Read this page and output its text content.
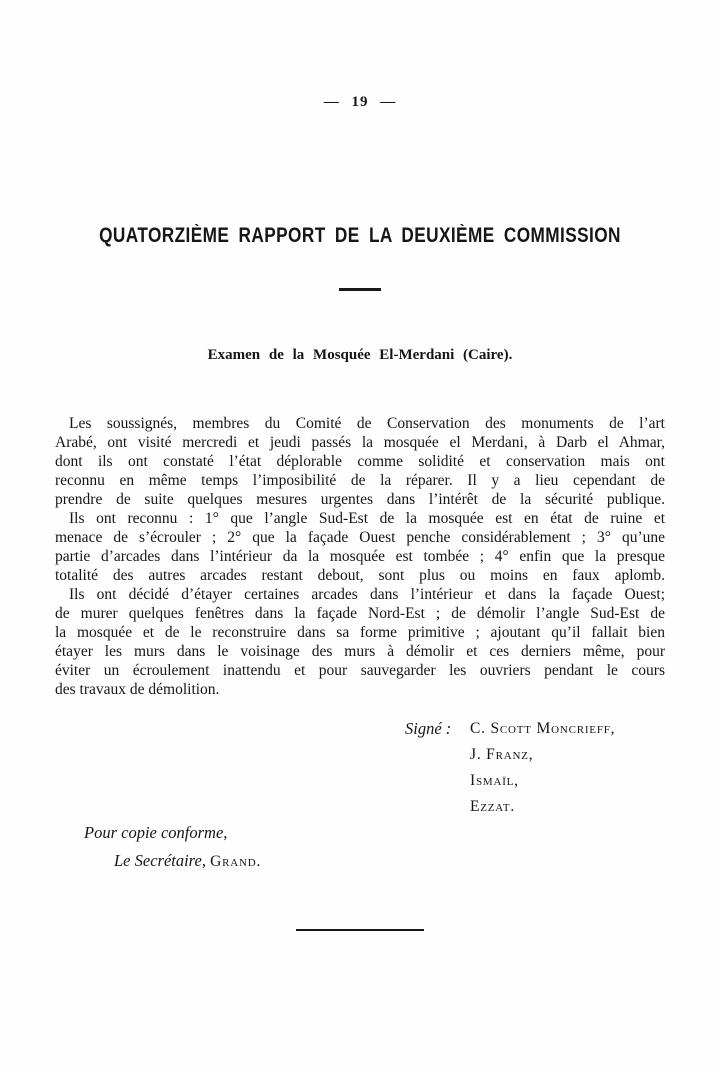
— 19 —
QUATORZIÈME RAPPORT DE LA DEUXIÈME COMMISSION
Examen de la Mosquée El-Merdani (Caire).
Les soussignés, membres du Comité de Conservation des monuments de l’art
Arabé, ont visité mercredi et jeudi passés la mosquée el Merdani, à Darb el Ahmar,
dont ils ont constaté l’état déplorable comme solidité et conservation mais ont
reconnu en même temps l’imposibilité de la réparer. Il y a lieu cependant de
prendre de suite quelques mesures urgentes dans l’intérêt de la sécurité publique.
Ils ont reconnu : 1° que l’angle Sud-Est de la mosquée est en état de ruine et
menace de s’écrouler ; 2° que la façade Ouest penche considérablement ; 3° qu’une
partie d’arcades dans l’intérieur da la mosquée est tombée ; 4° enfin que la presque
totalité des autres arcades restant debout, sont plus ou moins en faux aplomb.
Ils ont décidé d’étayer certaines arcades dans l’intérieur et dans la façade Ouest;
de murer quelques fenêtres dans la façade Nord-Est ; de démolir l’angle Sud-Est de
la mosquée et de le reconstruire dans sa forme primitive ; ajoutant qu’il fallait bien
étayer les murs dans le voisinage des murs à démolir et ces derniers même, pour
éviter un écroulement inattendu et pour sauvegarder les ouvriers pendant le cours
des travaux de démolition.
Signé :	C. Scott Moncrieff,
J. Franz,
Ismaïl,
Ezzat.
Pour copie conforme,
Le Secrétaire, Grand.
